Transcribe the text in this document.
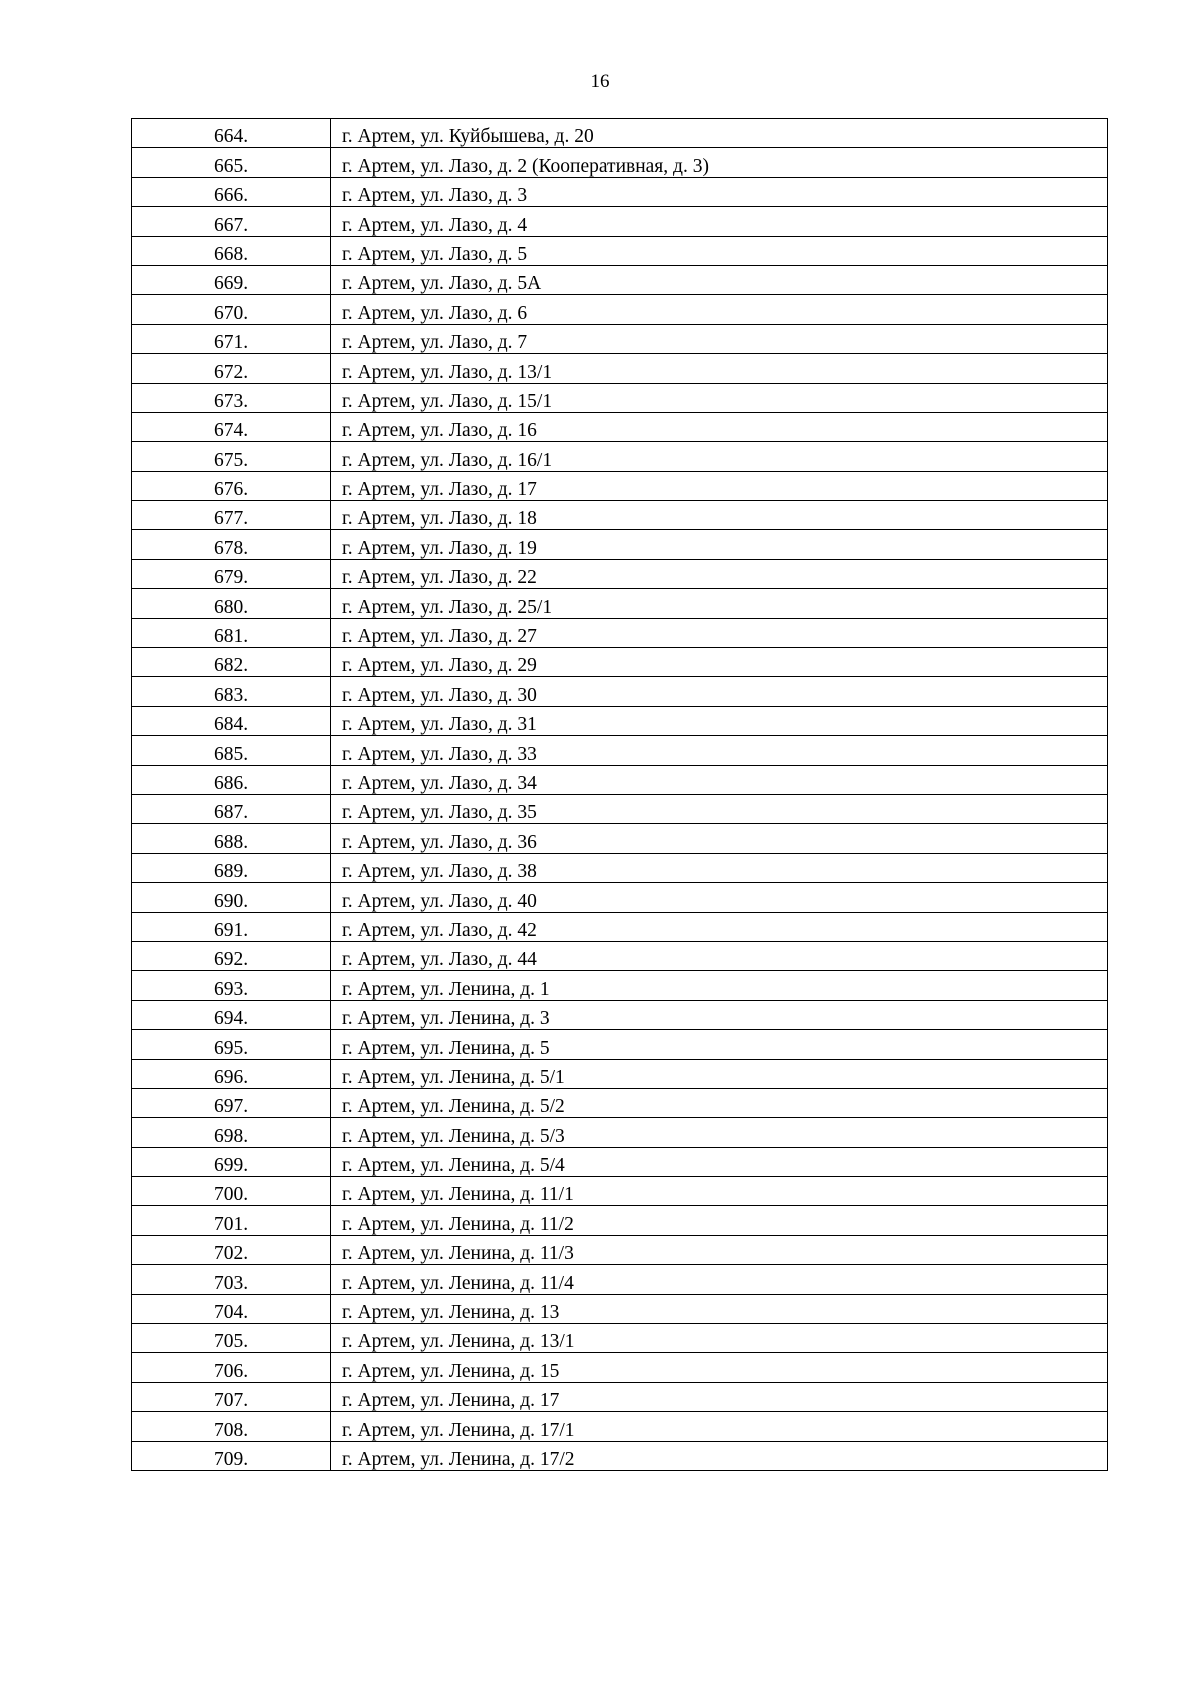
16
664.	г. Артем, ул. Куйбышева, д. 20
665.	г. Артем, ул. Лазо, д. 2 (Кооперативная, д. 3)
666.	г. Артем, ул. Лазо, д. 3
667.	г. Артем, ул. Лазо, д. 4
668.	г. Артем, ул. Лазо, д. 5
669.	г. Артем, ул. Лазо, д. 5А
670.	г. Артем, ул. Лазо, д. 6
671.	г. Артем, ул. Лазо, д. 7
672.	г. Артем, ул. Лазо, д. 13/1
673.	г. Артем, ул. Лазо, д. 15/1
674.	г. Артем, ул. Лазо, д. 16
675.	г. Артем, ул. Лазо, д. 16/1
676.	г. Артем, ул. Лазо, д. 17
677.	г. Артем, ул. Лазо, д. 18
678.	г. Артем, ул. Лазо, д. 19
679.	г. Артем, ул. Лазо, д. 22
680.	г. Артем, ул. Лазо, д. 25/1
681.	г. Артем, ул. Лазо, д. 27
682.	г. Артем, ул. Лазо, д. 29
683.	г. Артем, ул. Лазо, д. 30
684.	г. Артем, ул. Лазо, д. 31
685.	г. Артем, ул. Лазо, д. 33
686.	г. Артем, ул. Лазо, д. 34
687.	г. Артем, ул. Лазо, д. 35
688.	г. Артем, ул. Лазо, д. 36
689.	г. Артем, ул. Лазо, д. 38
690.	г. Артем, ул. Лазо, д. 40
691.	г. Артем, ул. Лазо, д. 42
692.	г. Артем, ул. Лазо, д. 44
693.	г. Артем, ул. Ленина, д. 1
694.	г. Артем, ул. Ленина, д. 3
695.	г. Артем, ул. Ленина, д. 5
696.	г. Артем, ул. Ленина, д. 5/1
697.	г. Артем, ул. Ленина, д. 5/2
698.	г. Артем, ул. Ленина, д. 5/3
699.	г. Артем, ул. Ленина, д. 5/4
700.	г. Артем, ул. Ленина, д. 11/1
701.	г. Артем, ул. Ленина, д. 11/2
702.	г. Артем, ул. Ленина, д. 11/3
703.	г. Артем, ул. Ленина, д. 11/4
704.	г. Артем, ул. Ленина, д. 13
705.	г. Артем, ул. Ленина, д. 13/1
706.	г. Артем, ул. Ленина, д. 15
707.	г. Артем, ул. Ленина, д. 17
708.	г. Артем, ул. Ленина, д. 17/1
709.	г. Артем, ул. Ленина, д. 17/2
